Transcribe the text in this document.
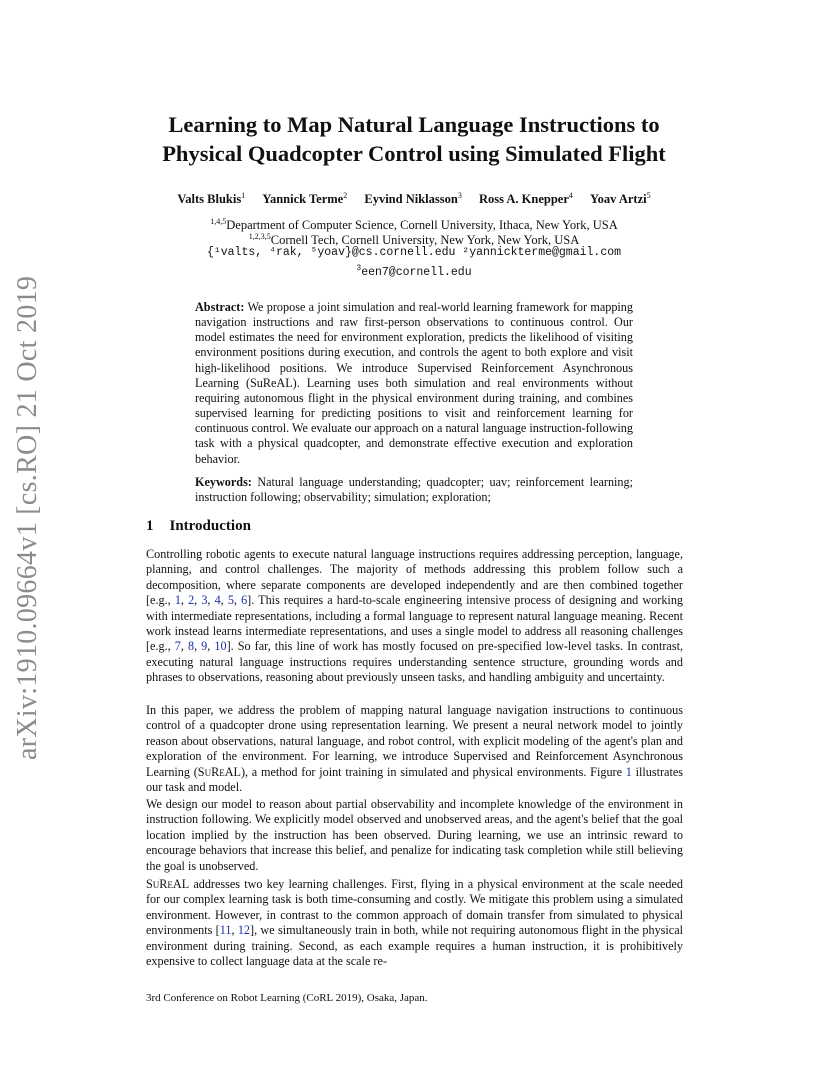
arXiv:1910.09664v1 [cs.RO] 21 Oct 2019
Learning to Map Natural Language Instructions to
Physical Quadcopter Control using Simulated Flight
Valts Blukis$^1$ Yannick Terme$^2$ Eyvind Niklasson$^3$ Ross A. Knepper$^4$ Yoav Artzi$^5$
$^{1,4,5}$Department of Computer Science, Cornell University, Ithaca, New York, USA
$^{1,2,3,5}$Cornell Tech, Cornell University, New York, New York, USA
{¹valts, ⁴rak, ⁵yoav}@cs.cornell.edu ²yannickterme@gmail.com
$^3$een7@cornell.edu
Abstract: We propose a joint simulation and real-world learning framework for mapping navigation instructions and raw first-person observations to continuous control. Our model estimates the need for environment exploration, predicts the likelihood of visiting environment positions during execution, and controls the agent to both explore and visit high-likelihood positions. We introduce Supervised Reinforcement Asynchronous Learning (SuReAL). Learning uses both simulation and real environments without requiring autonomous flight in the physical environment during training, and combines supervised learning for predicting positions to visit and reinforcement learning for continuous control. We evaluate our approach on a natural language instruction-following task with a physical quadcopter, and demonstrate effective execution and exploration behavior.
Keywords: Natural language understanding; quadcopter; uav; reinforcement learning; instruction following; observability; simulation; exploration;
1 Introduction
Controlling robotic agents to execute natural language instructions requires addressing perception, language, planning, and control challenges. The majority of methods addressing this problem follow such a decomposition, where separate components are developed independently and are then combined together [e.g., 1, 2, 3, 4, 5, 6]. This requires a hard-to-scale engineering intensive process of designing and working with intermediate representations, including a formal language to represent natural language meaning. Recent work instead learns intermediate representations, and uses a single model to address all reasoning challenges [e.g., 7, 8, 9, 10]. So far, this line of work has mostly focused on pre-specified low-level tasks. In contrast, executing natural language instructions requires understanding sentence structure, grounding words and phrases to observations, reasoning about previously unseen tasks, and handling ambiguity and uncertainty.
In this paper, we address the problem of mapping natural language navigation instructions to continuous control of a quadcopter drone using representation learning. We present a neural network model to jointly reason about observations, natural language, and robot control, with explicit modeling of the agent's plan and exploration of the environment. For learning, we introduce Supervised and Reinforcement Asynchronous Learning (SuReAL), a method for joint training in simulated and physical environments. Figure 1 illustrates our task and model.
We design our model to reason about partial observability and incomplete knowledge of the environment in instruction following. We explicitly model observed and unobserved areas, and the agent's belief that the goal location implied by the instruction has been observed. During learning, we use an intrinsic reward to encourage behaviors that increase this belief, and penalize for indicating task completion while still believing the goal is unobserved.
SuReAL addresses two key learning challenges. First, flying in a physical environment at the scale needed for our complex learning task is both time-consuming and costly. We mitigate this problem using a simulated environment. However, in contrast to the common approach of domain transfer from simulated to physical environments [11, 12], we simultaneously train in both, while not requiring autonomous flight in the physical environment during training. Second, as each example requires a human instruction, it is prohibitively expensive to collect language data at the scale re-
3rd Conference on Robot Learning (CoRL 2019), Osaka, Japan.
